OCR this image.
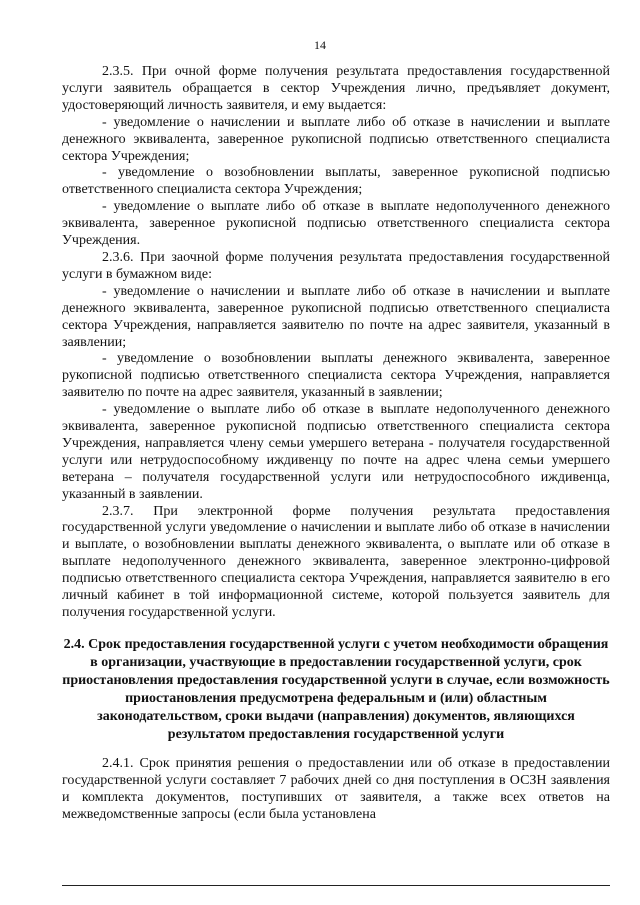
14

2.3.5. При очной форме получения результата предоставления государственной услуги заявитель обращается в сектор Учреждения лично, предъявляет документ, удостоверяющий личность заявителя, и ему выдается:

- уведомление о начислении и выплате либо об отказе в начислении и выплате денежного эквивалента, заверенное рукописной подписью ответственного специалиста сектора Учреждения;

- уведомление о возобновлении выплаты, заверенное рукописной подписью ответственного специалиста сектора Учреждения;

- уведомление о выплате либо об отказе в выплате недополученного денежного эквивалента, заверенное рукописной подписью ответственного специалиста сектора Учреждения.

2.3.6. При заочной форме получения результата предоставления государственной услуги в бумажном виде:

- уведомление о начислении и выплате либо об отказе в начислении и выплате денежного эквивалента, заверенное рукописной подписью ответственного специалиста сектора Учреждения, направляется заявителю по почте на адрес заявителя, указанный в заявлении;

- уведомление о возобновлении выплаты денежного эквивалента, заверенное рукописной подписью ответственного специалиста сектора Учреждения, направляется заявителю по почте на адрес заявителя, указанный в заявлении;

- уведомление о выплате либо об отказе в выплате недополученного денежного эквивалента, заверенное рукописной подписью ответственного специалиста сектора Учреждения, направляется члену семьи умершего ветерана - получателя государственной услуги или нетрудоспособному иждивенцу по почте на адрес члена семьи умершего ветерана – получателя государственной услуги или нетрудоспособного иждивенца, указанный в заявлении.

2.3.7. При электронной форме получения результата предоставления государственной услуги уведомление о начислении и выплате либо об отказе в начислении и выплате, о возобновлении выплаты денежного эквивалента, о выплате или об отказе в выплате недополученного денежного эквивалента, заверенное электронно-цифровой подписью ответственного специалиста сектора Учреждения, направляется заявителю в его личный кабинет в той информационной системе, которой пользуется заявитель для получения государственной услуги.

2.4. Срок предоставления государственной услуги с учетом необходимости обращения в организации, участвующие в предоставлении государственной услуги, срок приостановления предоставления государственной услуги в случае, если возможность приостановления предусмотрена федеральным и (или) областным законодательством, сроки выдачи (направления) документов, являющихся результатом предоставления государственной услуги

2.4.1. Срок принятия решения о предоставлении или об отказе в предоставлении государственной услуги составляет 7 рабочих дней со дня поступления в ОСЗН заявления и комплекта документов, поступивших от заявителя, а также всех ответов на межведомственные запросы (если была установлена
